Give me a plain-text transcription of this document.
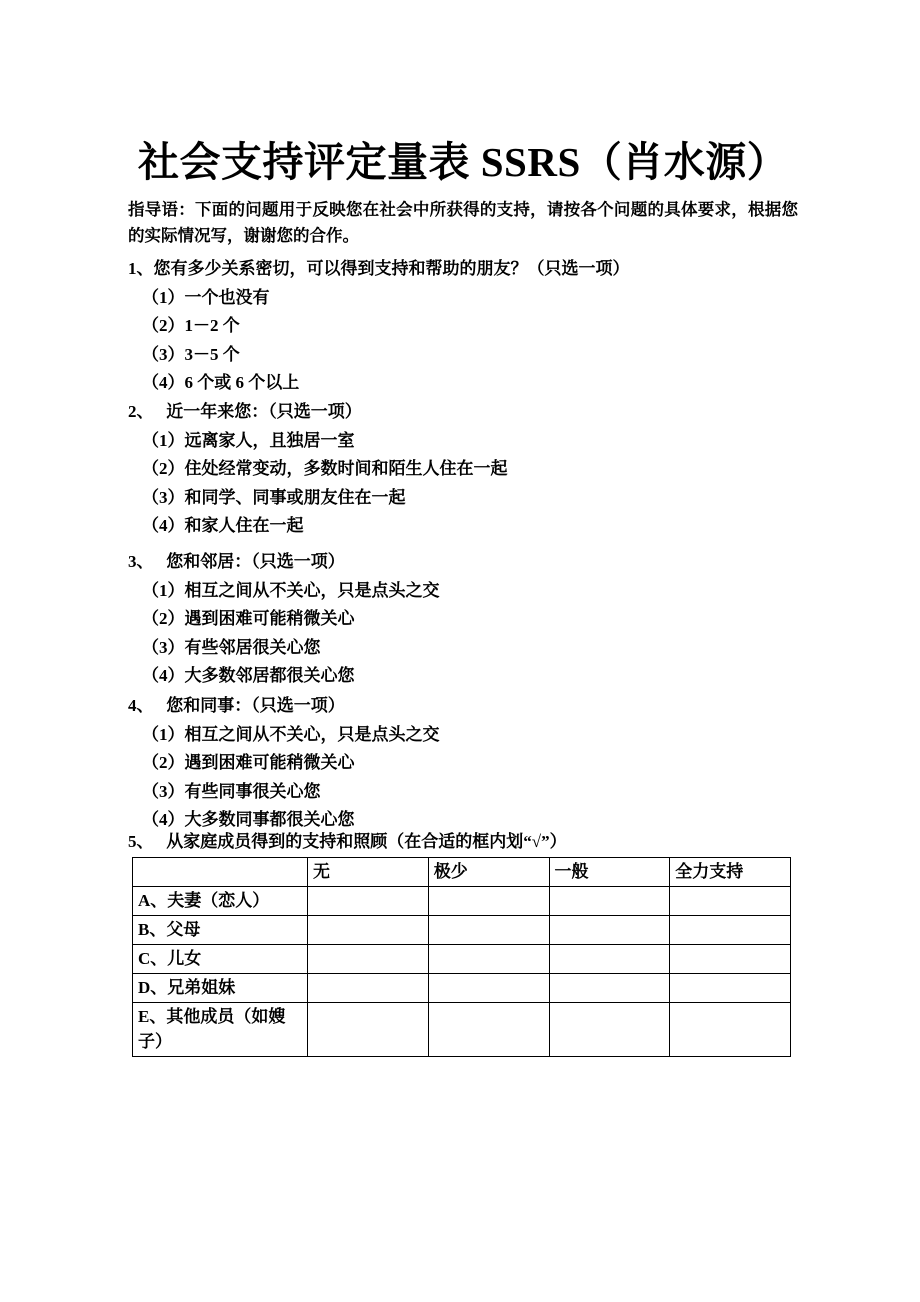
社会支持评定量表 SSRS（肖水源）

指导语：下面的问题用于反映您在社会中所获得的支持，请按各个问题的具体要求，根据您的实际情况写，谢谢您的合作。

1、您有多少关系密切，可以得到支持和帮助的朋友？（只选一项）
（1）一个也没有
（2）1－2 个
（3）3－5 个
（4）6 个或 6 个以上
2、   近一年来您：（只选一项）
（1）远离家人，且独居一室
（2）住处经常变动，多数时间和陌生人住在一起
（3）和同学、同事或朋友住在一起
（4）和家人住在一起
3、   您和邻居：（只选一项）
（1）相互之间从不关心，只是点头之交
（2）遇到困难可能稍微关心
（3）有些邻居很关心您
（4）大多数邻居都很关心您
4、   您和同事：（只选一项）
（1）相互之间从不关心，只是点头之交
（2）遇到困难可能稍微关心
（3）有些同事很关心您
（4）大多数同事都很关心您
5、   从家庭成员得到的支持和照顾（在合适的框内划“√”）
	无	极少	一般	全力支持
A、夫妻（恋人）				
B、父母				
C、儿女				
D、兄弟姐妹				
E、其他成员（如嫂子）				
